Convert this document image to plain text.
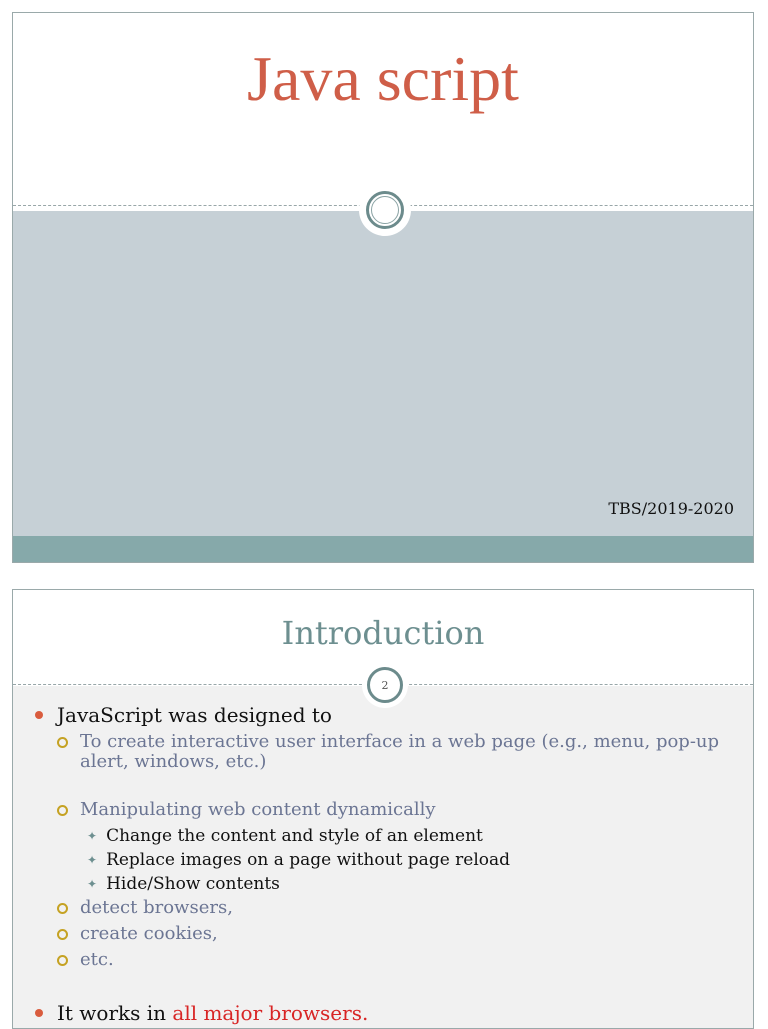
Java script
TBS/2019-2020
Introduction
JavaScript was designed to
To create interactive user interface in a web page (e.g., menu, pop-up alert, windows, etc.)
Manipulating web content dynamically
✦ Change the content and style of an element
✦ Replace images on a page without page reload
✦ Hide/Show contents
detect browsers,
create cookies,
etc.
It works in all major browsers.
2
